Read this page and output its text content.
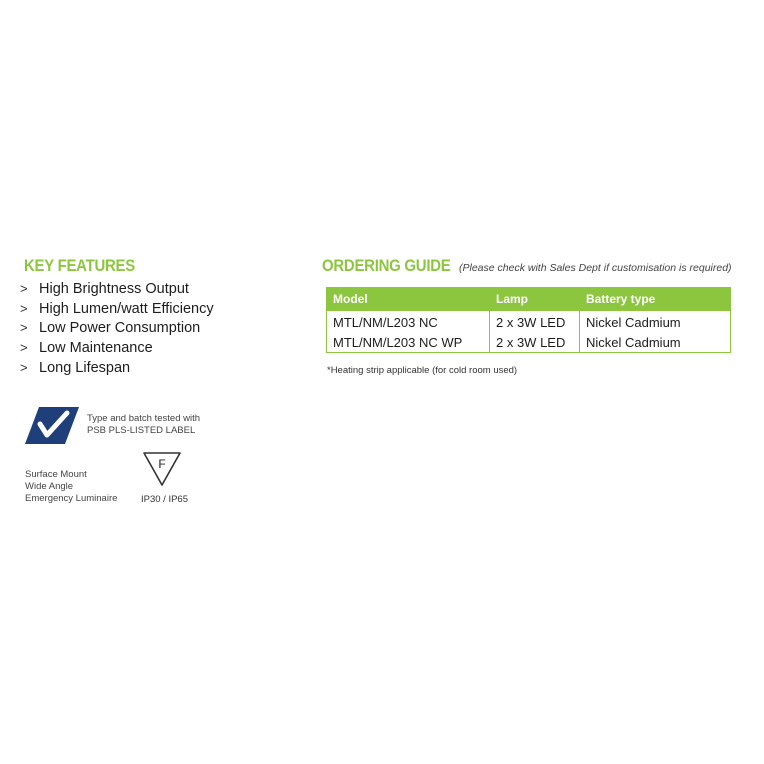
KEY FEATURES
> High Brightness Output
> High Lumen/watt Efficiency
> Low Power Consumption
> Low Maintenance
> Long Lifespan
ORDERING GUIDE (Please check with Sales Dept if customisation is required)
Model	Lamp	Battery type
MTL/NM/L203 NC	2 x 3W LED	Nickel Cadmium
MTL/NM/L203 NC WP	2 x 3W LED	Nickel Cadmium
*Heating strip applicable (for cold room used)
Type and batch tested with
PSB PLS-LISTED LABEL
Surface Mount
Wide Angle
Emergency Luminaire
F
IP30 / IP65
